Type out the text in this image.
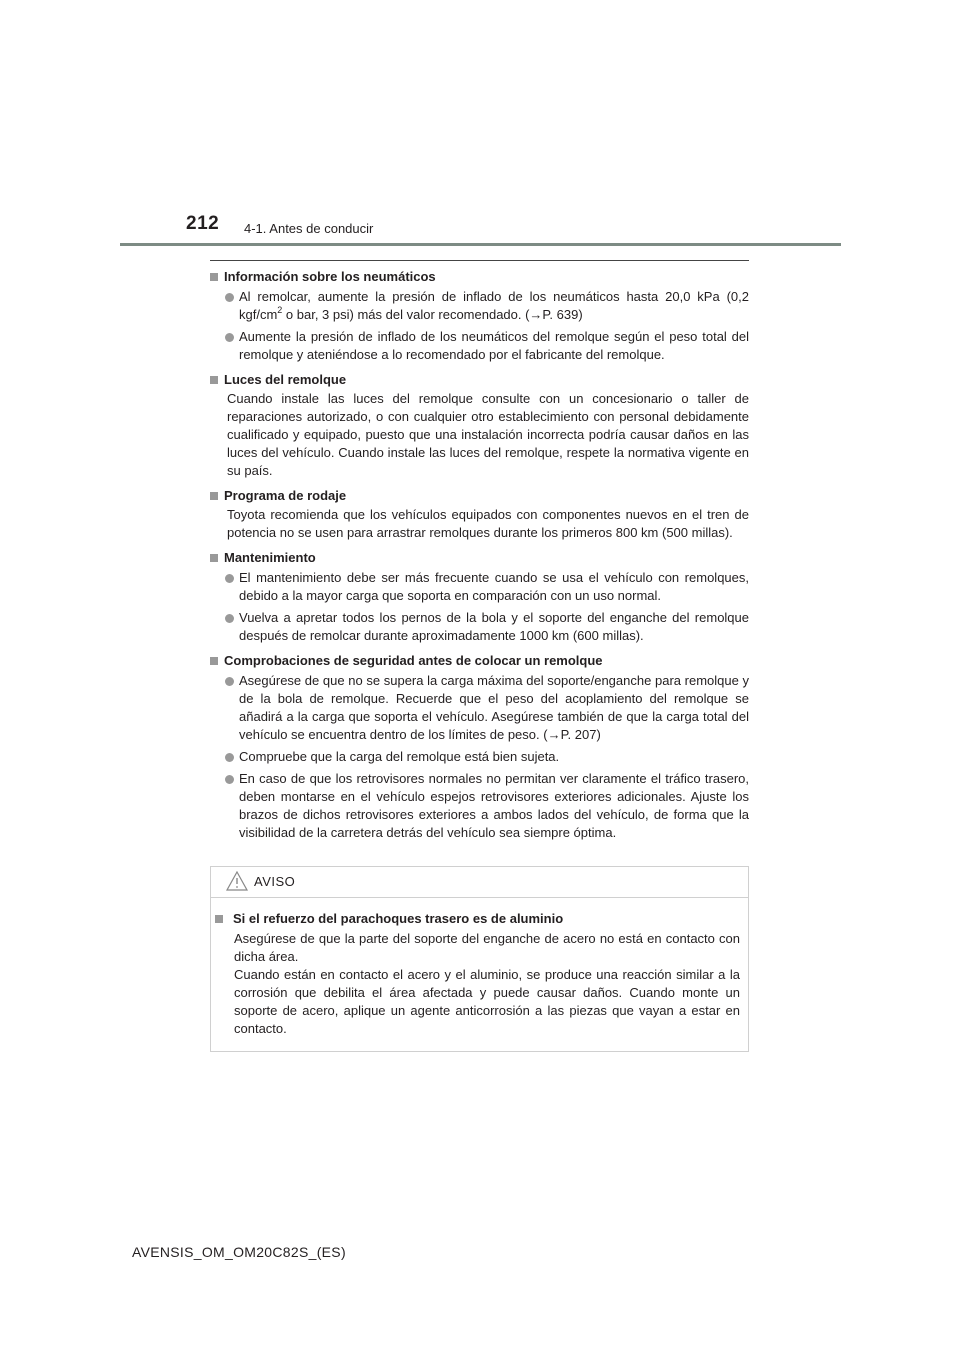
212 4-1. Antes de conducir
Información sobre los neumáticos
Al remolcar, aumente la presión de inflado de los neumáticos hasta 20,0 kPa (0,2 kgf/$cm^2$ o bar, 3 psi) más del valor recomendado. (→P. 639)
Aumente la presión de inflado de los neumáticos del remolque según el peso total del remolque y ateniéndose a lo recomendado por el fabricante del remolque.
Luces del remolque
Cuando instale las luces del remolque consulte con un concesionario o taller de reparaciones autorizado, o con cualquier otro establecimiento con personal debidamente cualificado y equipado, puesto que una instalación incorrecta podría causar daños en las luces del vehículo. Cuando instale las luces del remolque, respete la normativa vigente en su país.
Programa de rodaje
Toyota recomienda que los vehículos equipados con componentes nuevos en el tren de potencia no se usen para arrastrar remolques durante los primeros 800 km (500 millas).
Mantenimiento
El mantenimiento debe ser más frecuente cuando se usa el vehículo con remolques, debido a la mayor carga que soporta en comparación con un uso normal.
Vuelva a apretar todos los pernos de la bola y el soporte del enganche del remolque después de remolcar durante aproximadamente 1000 km (600 millas).
Comprobaciones de seguridad antes de colocar un remolque
Asegúrese de que no se supera la carga máxima del soporte/enganche para remolque y de la bola de remolque. Recuerde que el peso del acoplamiento del remolque se añadirá a la carga que soporta el vehículo. Asegúrese también de que la carga total del vehículo se encuentra dentro de los límites de peso. (→P. 207)
Compruebe que la carga del remolque está bien sujeta.
En caso de que los retrovisores normales no permitan ver claramente el tráfico trasero, deben montarse en el vehículo espejos retrovisores exteriores adicionales. Ajuste los brazos de dichos retrovisores exteriores a ambos lados del vehículo, de forma que la visibilidad de la carretera detrás del vehículo sea siempre óptima.
AVISO
Si el refuerzo del parachoques trasero es de aluminio
Asegúrese de que la parte del soporte del enganche de acero no está en contacto con dicha área.
Cuando están en contacto el acero y el aluminio, se produce una reacción similar a la corrosión que debilita el área afectada y puede causar daños. Cuando monte un soporte de acero, aplique un agente anticorrosión a las piezas que vayan a estar en contacto.
AVENSIS_OM_OM20C82S_(ES)
